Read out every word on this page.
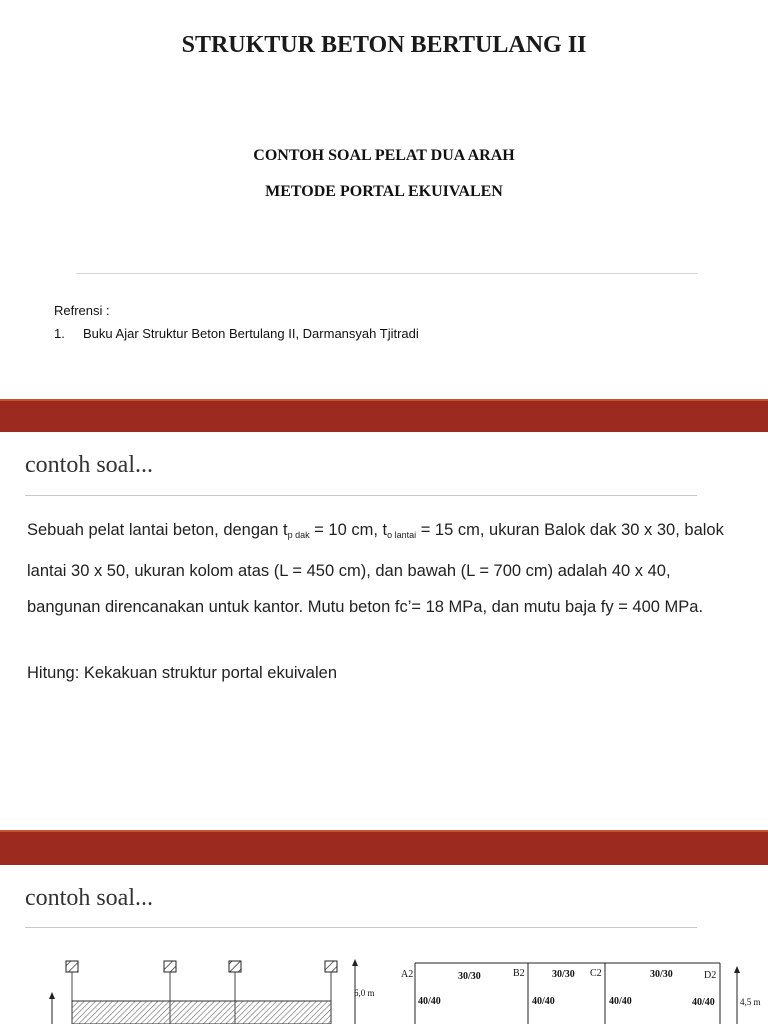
STRUKTUR BETON BERTULANG II
CONTOH SOAL PELAT DUA ARAH
METODE PORTAL EKUIVALEN
Refrensi :
1. Buku Ajar Struktur Beton Bertulang II, Darmansyah Tjitradi
contoh soal...
Sebuah pelat lantai beton, dengan $t_{p dak} = 10$ cm, $t_{o lantai} = 15$ cm, ukuran Balok dak 30 x 30, balok lantai 30 x 50, ukuran kolom atas (L = 450 cm), dan bawah (L = 700 cm) adalah 40 x 40, bangunan direncanakan untuk kantor. Mutu beton fc’= 18 MPa, dan mutu baja fy = 400 MPa.
Hitung: Kekakuan struktur portal ekuivalen
contoh soal...
6,0 m
A2	B2	C2	D2
30/30	30/30	30/30
40/40	40/40	40/40	40/40	4,5 m
